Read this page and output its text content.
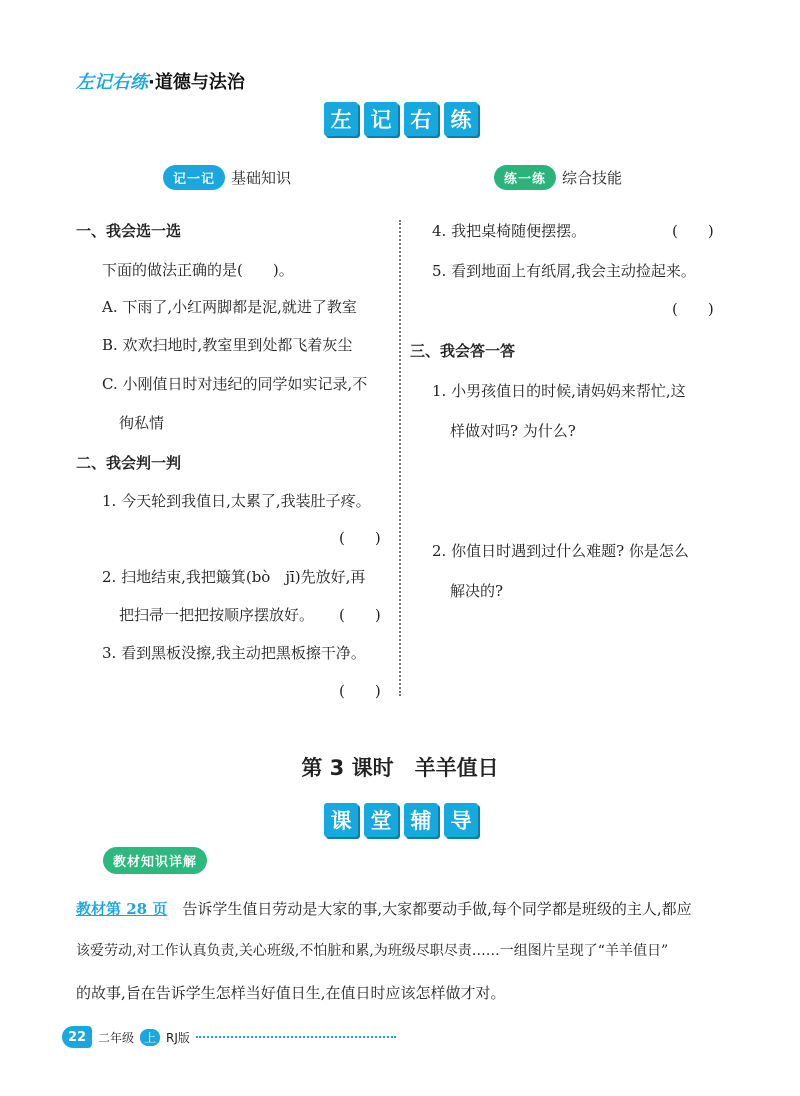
左记右练·道德与法治
左 记 右 练
记一记	基础知识	练一练	综合技能
一、我会选一选
下面的做法正确的是(　　)。
A. 下雨了,小红两脚都是泥,就进了教室
B. 欢欢扫地时,教室里到处都飞着灰尘
C. 小刚值日时对违纪的同学如实记录,不
徇私情
二、我会判一判
1. 今天轮到我值日,太累了,我装肚子疼。
(　　)
2. 扫地结束,我把簸箕(bò　jī)先放好,再
把扫帚一把把按顺序摆放好。 (　　)
3. 看到黑板没擦,我主动把黑板擦干净。
(　　)
4. 我把桌椅随便摆摆。	(　　)
5. 看到地面上有纸屑,我会主动捡起来。
(　　)
三、我会答一答
1. 小男孩值日的时候,请妈妈来帮忙,这
样做对吗? 为什么?
2. 你值日时遇到过什么难题? 你是怎么
解决的?
第 3 课时　羊羊值日
课 堂 辅 导
教材知识详解
教材第 28 页　 告诉学生值日劳动是大家的事,大家都要动手做,每个同学都是班级的主人,都应
该爱劳动,对工作认真负责,关心班级,不怕脏和累,为班级尽职尽责……一组图片呈现了“羊羊值日”
的故事,旨在告诉学生怎样当好值日生,在值日时应该怎样做才对。
22 二年级 上 RJ版
